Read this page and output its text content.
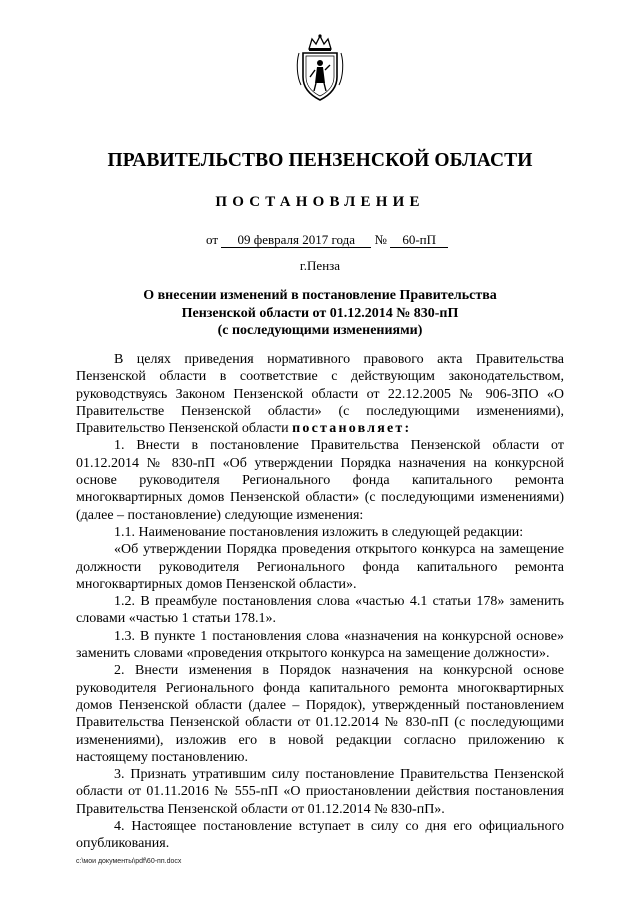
ПРАВИТЕЛЬСТВО ПЕНЗЕНСКОЙ ОБЛАСТИ
ПОСТАНОВЛЕНИЕ
от 09 февраля 2017 года № 60-пП
г.Пенза
О внесении изменений в постановление Правительства
Пензенской области от 01.12.2014 № 830-пП
(с последующими изменениями)

В целях приведения нормативного правового акта Правительства Пензенской области в соответствие с действующим законодательством, руководствуясь Законом Пензенской области от 22.12.2005 № 906-ЗПО «О Правительстве Пензенской области» (с последующими изменениями), Правительство Пензенской области постановляет:

1. Внести в постановление Правительства Пензенской области от 01.12.2014 № 830-пП «Об утверждении Порядка назначения на конкурсной основе руководителя Регионального фонда капитального ремонта многоквартирных домов Пензенской области» (с последующими изменениями) (далее – постановление) следующие изменения:

1.1. Наименование постановления изложить в следующей редакции:

«Об утверждении Порядка проведения открытого конкурса на замещение должности руководителя Регионального фонда капитального ремонта многоквартирных домов Пензенской области».

1.2. В преамбуле постановления слова «частью 4.1 статьи 178» заменить словами «частью 1 статьи 178.1».

1.3. В пункте 1 постановления слова «назначения на конкурсной основе» заменить словами «проведения открытого конкурса на замещение должности».

2. Внести изменения в Порядок назначения на конкурсной основе руководителя Регионального фонда капитального ремонта многоквартирных домов Пензенской области (далее – Порядок), утвержденный постановлением Правительства Пензенской области от 01.12.2014 № 830-пП (с последующими изменениями), изложив его в новой редакции согласно приложению к настоящему постановлению.

3. Признать утратившим силу постановление Правительства Пензенской области от 01.11.2016 № 555-пП «О приостановлении действия постановления Правительства Пензенской области от 01.12.2014 № 830-пП».

4. Настоящее постановление вступает в силу со дня его официального опубликования.

c:\мои документы\pdf\60-пп.docx
